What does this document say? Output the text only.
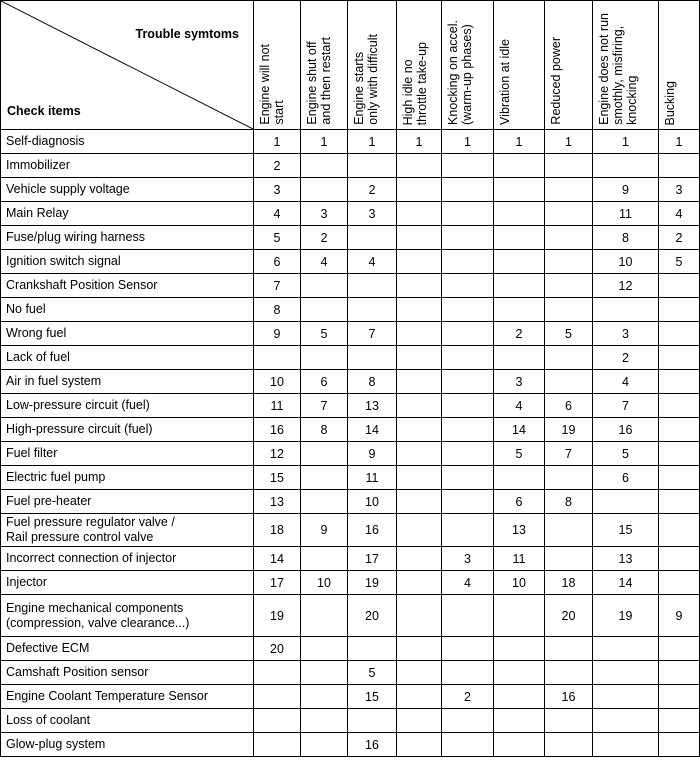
Trouble symtoms
Check items	Engine will not
start	Engine shut off
and then restart	Engine starts
only with difficult	High idle no
throttle take-up	Knocking on accel.
(warm-up phases)	Vibration at idle	Reduced power	Engine does not run
smothly, misfiring,
knocking	Bucking

Self-diagnosis	1	1	1	1	1	1	1	1	1
Immobilizer	2								
Vehicle supply voltage	3		2					9	3
Main Relay	4	3	3					11	4
Fuse/plug wiring harness	5	2						8	2
Ignition switch signal	6	4	4					10	5
Crankshaft Position Sensor	7							12	
No fuel	8								
Wrong fuel	9	5	7			2	5	3	
Lack of fuel								2	
Air in fuel system	10	6	8			3		4	
Low-pressure circuit (fuel)	11	7	13			4	6	7	
High-pressure circuit (fuel)	16	8	14			14	19	16	
Fuel filter	12		9			5	7	5	
Electric fuel pump	15		11					6	
Fuel pre-heater	13		10			6	8		
Fuel pressure regulator valve /
Rail pressure control valve	18	9	16			13		15	
Incorrect connection of injector	14		17		3	11		13	
Injector	17	10	19		4	10	18	14	
Engine mechanical components
(compression, valve clearance...)	19		20				20	19	9
Defective ECM	20								
Camshaft Position sensor			5						
Engine Coolant Temperature Sensor			15		2		16		
Loss of coolant									
Glow-plug system			16						
